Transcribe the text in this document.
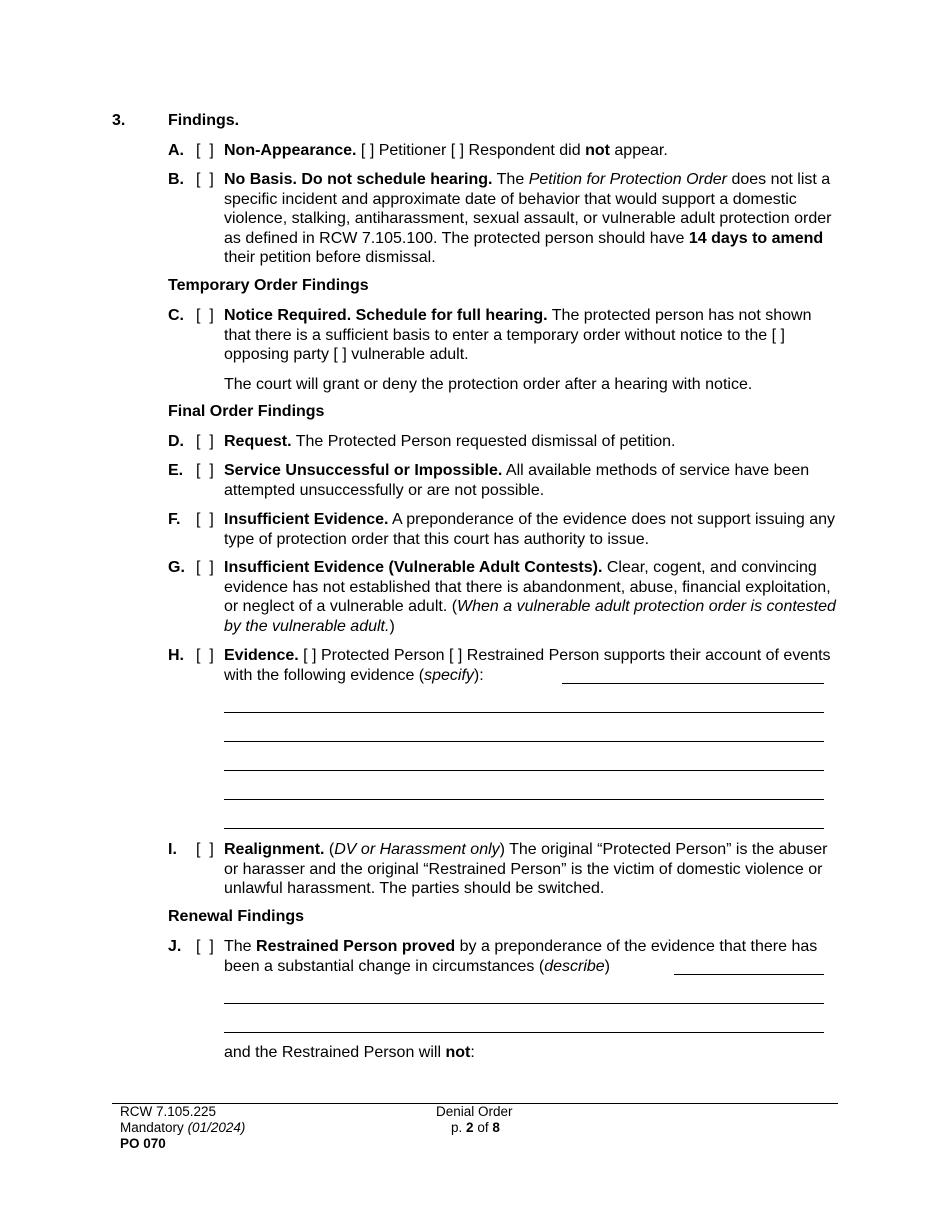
3.	Findings.
A. [  ] Non-Appearance. [ ] Petitioner [ ] Respondent did not appear.
B. [  ] No Basis. Do not schedule hearing. The Petition for Protection Order does not list a specific incident and approximate date of behavior that would support a domestic violence, stalking, antiharassment, sexual assault, or vulnerable adult protection order as defined in RCW 7.105.100. The protected person should have 14 days to amend their petition before dismissal.
Temporary Order Findings
C. [  ] Notice Required. Schedule for full hearing. The protected person has not shown that there is a sufficient basis to enter a temporary order without notice to the [ ] opposing party [ ] vulnerable adult.
The court will grant or deny the protection order after a hearing with notice.
Final Order Findings
D. [  ] Request. The Protected Person requested dismissal of petition.
E. [  ] Service Unsuccessful or Impossible. All available methods of service have been attempted unsuccessfully or are not possible.
F. [  ] Insufficient Evidence. A preponderance of the evidence does not support issuing any type of protection order that this court has authority to issue.
G. [  ] Insufficient Evidence (Vulnerable Adult Contests). Clear, cogent, and convincing evidence has not established that there is abandonment, abuse, financial exploitation, or neglect of a vulnerable adult. (When a vulnerable adult protection order is contested by the vulnerable adult.)
H. [  ] Evidence. [ ] Protected Person [ ] Restrained Person supports their account of events with the following evidence (specify):
I. [  ] Realignment. (DV or Harassment only) The original “Protected Person” is the abuser or harasser and the original “Restrained Person” is the victim of domestic violence or unlawful harassment. The parties should be switched.
Renewal Findings
J. [  ] The Restrained Person proved by a preponderance of the evidence that there has been a substantial change in circumstances (describe)
and the Restrained Person will not:
RCW 7.105.225
Mandatory (01/2024)
PO 070
Denial Order
p. 2 of 8
